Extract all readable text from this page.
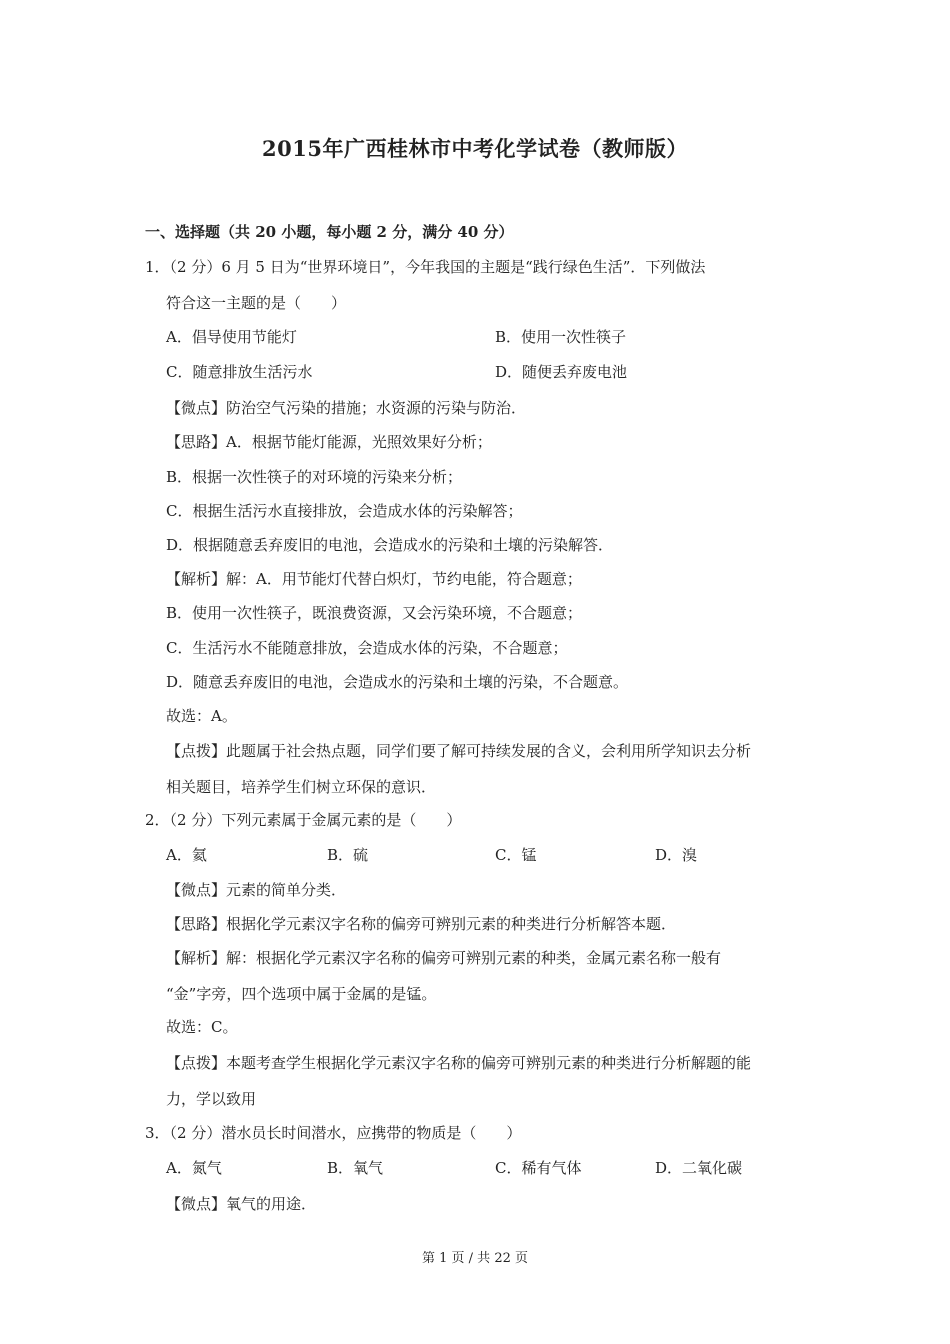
2015年广西桂林市中考化学试卷（教师版）
一、选择题（共 20 小题，每小题 2 分，满分 40 分）
1．（2 分）6 月 5 日为“世界环境日”，今年我国的主题是“践行绿色生活”．下列做法
符合这一主题的是（　　）
A．倡导使用节能灯	B．使用一次性筷子
C．随意排放生活污水	D．随便丢弃废电池
【微点】防治空气污染的措施；水资源的污染与防治．
【思路】A．根据节能灯能源，光照效果好分析；
B．根据一次性筷子的对环境的污染来分析；
C．根据生活污水直接排放，会造成水体的污染解答；
D．根据随意丢弃废旧的电池，会造成水的污染和土壤的污染解答．
【解析】解：A．用节能灯代替白炽灯，节约电能，符合题意；
B．使用一次性筷子，既浪费资源，又会污染环境，不合题意；
C．生活污水不能随意排放，会造成水体的污染，不合题意；
D．随意丢弃废旧的电池，会造成水的污染和土壤的污染，不合题意。
故选：A。
【点拨】此题属于社会热点题，同学们要了解可持续发展的含义，会利用所学知识去分析
相关题目，培养学生们树立环保的意识．
2．（2 分）下列元素属于金属元素的是（　　）
A．氦	B．硫	C．锰	D．溴
【微点】元素的简单分类．
【思路】根据化学元素汉字名称的偏旁可辨别元素的种类进行分析解答本题．
【解析】解：根据化学元素汉字名称的偏旁可辨别元素的种类，金属元素名称一般有
“金”字旁，四个选项中属于金属的是锰。
故选：C。
【点拨】本题考查学生根据化学元素汉字名称的偏旁可辨别元素的种类进行分析解题的能
力，学以致用
3．（2 分）潜水员长时间潜水，应携带的物质是（　　）
A．氮气	B．氧气	C．稀有气体	D．二氧化碳
【微点】氧气的用途．
第 1 页 / 共 22 页
